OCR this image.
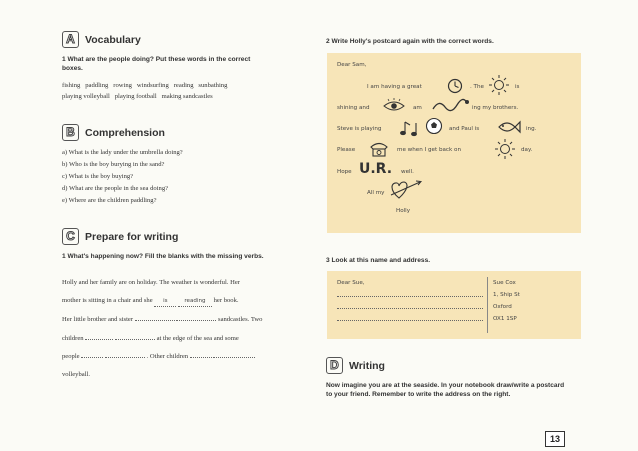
A Vocabulary
1 What are the people doing? Put these words in the correct boxes.
fishing   paddling   rowing   windsurfing   reading   sunbathing
playing volleyball   playing football   making sandcastles
B Comprehension
a) What is the lady under the umbrella doing?
b) Who is the boy burying in the sand?
c) What is the boy buying?
d) What are the people in the sea doing?
e) Where are the children paddling?
C Prepare for writing
1 What's happening now? Fill the blanks with the missing verbs.
Holly and her family are on holiday. The weather is wonderful. Her
mother is sitting in a chair and she is	reading her book.
Her little brother and sister	sandcastles. Two
children	at the edge of the sea and some
people	. Other children
volleyball.
2 Write Holly's postcard again with the correct words.
Dear Sam,
I am having a great	. The	is
shining and	am	ing my brothers.
Steve is playing	and Paul is	ing.
Please	me when I get back on	day.
Hope U.R. well.
All my
Holly
3 Look at this name and address.
Dear Sue,	Sue Cox
1, Ship St
Oxford
OX1 1SP
D Writing
Now imagine you are at the seaside. In your notebook draw/write a postcard to your friend. Remember to write the address on the right.
13
